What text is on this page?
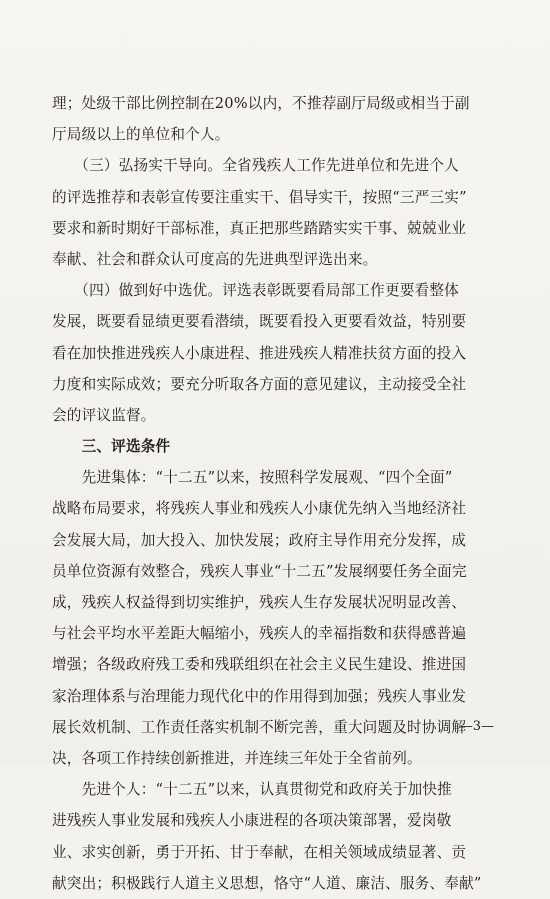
理；处级干部比例控制在20%以内，不推荐副厅局级或相当于副
厅局级以上的单位和个人。
　　（三）弘扬实干导向。全省残疾人工作先进单位和先进个人
的评选推荐和表彰宣传要注重实干、倡导实干，按照“三严三实”
要求和新时期好干部标准，真正把那些踏踏实实干事、兢兢业业
奉献、社会和群众认可度高的先进典型评选出来。
　　（四）做到好中选优。评选表彰既要看局部工作更要看整体
发展，既要看显绩更要看潜绩，既要看投入更要看效益，特别要
看在加快推进残疾人小康进程、推进残疾人精准扶贫方面的投入
力度和实际成效；要充分听取各方面的意见建议，主动接受全社
会的评议监督。
　　三、评选条件
　　先进集体：“十二五”以来，按照科学发展观、“四个全面”
战略布局要求，将残疾人事业和残疾人小康优先纳入当地经济社
会发展大局，加大投入、加快发展；政府主导作用充分发挥，成
员单位资源有效整合，残疾人事业“十二五”发展纲要任务全面完
成，残疾人权益得到切实维护，残疾人生存发展状况明显改善、
与社会平均水平差距大幅缩小，残疾人的幸福指数和获得感普遍
增强；各级政府残工委和残联组织在社会主义民生建设、推进国
家治理体系与治理能力现代化中的作用得到加强；残疾人事业发
展长效机制、工作责任落实机制不断完善，重大问题及时协调解
决，各项工作持续创新推进，并连续三年处于全省前列。
　　先进个人：“十二五”以来，认真贯彻党和政府关于加快推
进残疾人事业发展和残疾人小康进程的各项决策部署，爱岗敬
业、求实创新，勇于开拓、甘于奉献，在相关领域成绩显著、贡
献突出；积极践行人道主义思想，恪守“人道、廉洁、服务、奉献”
—3—
